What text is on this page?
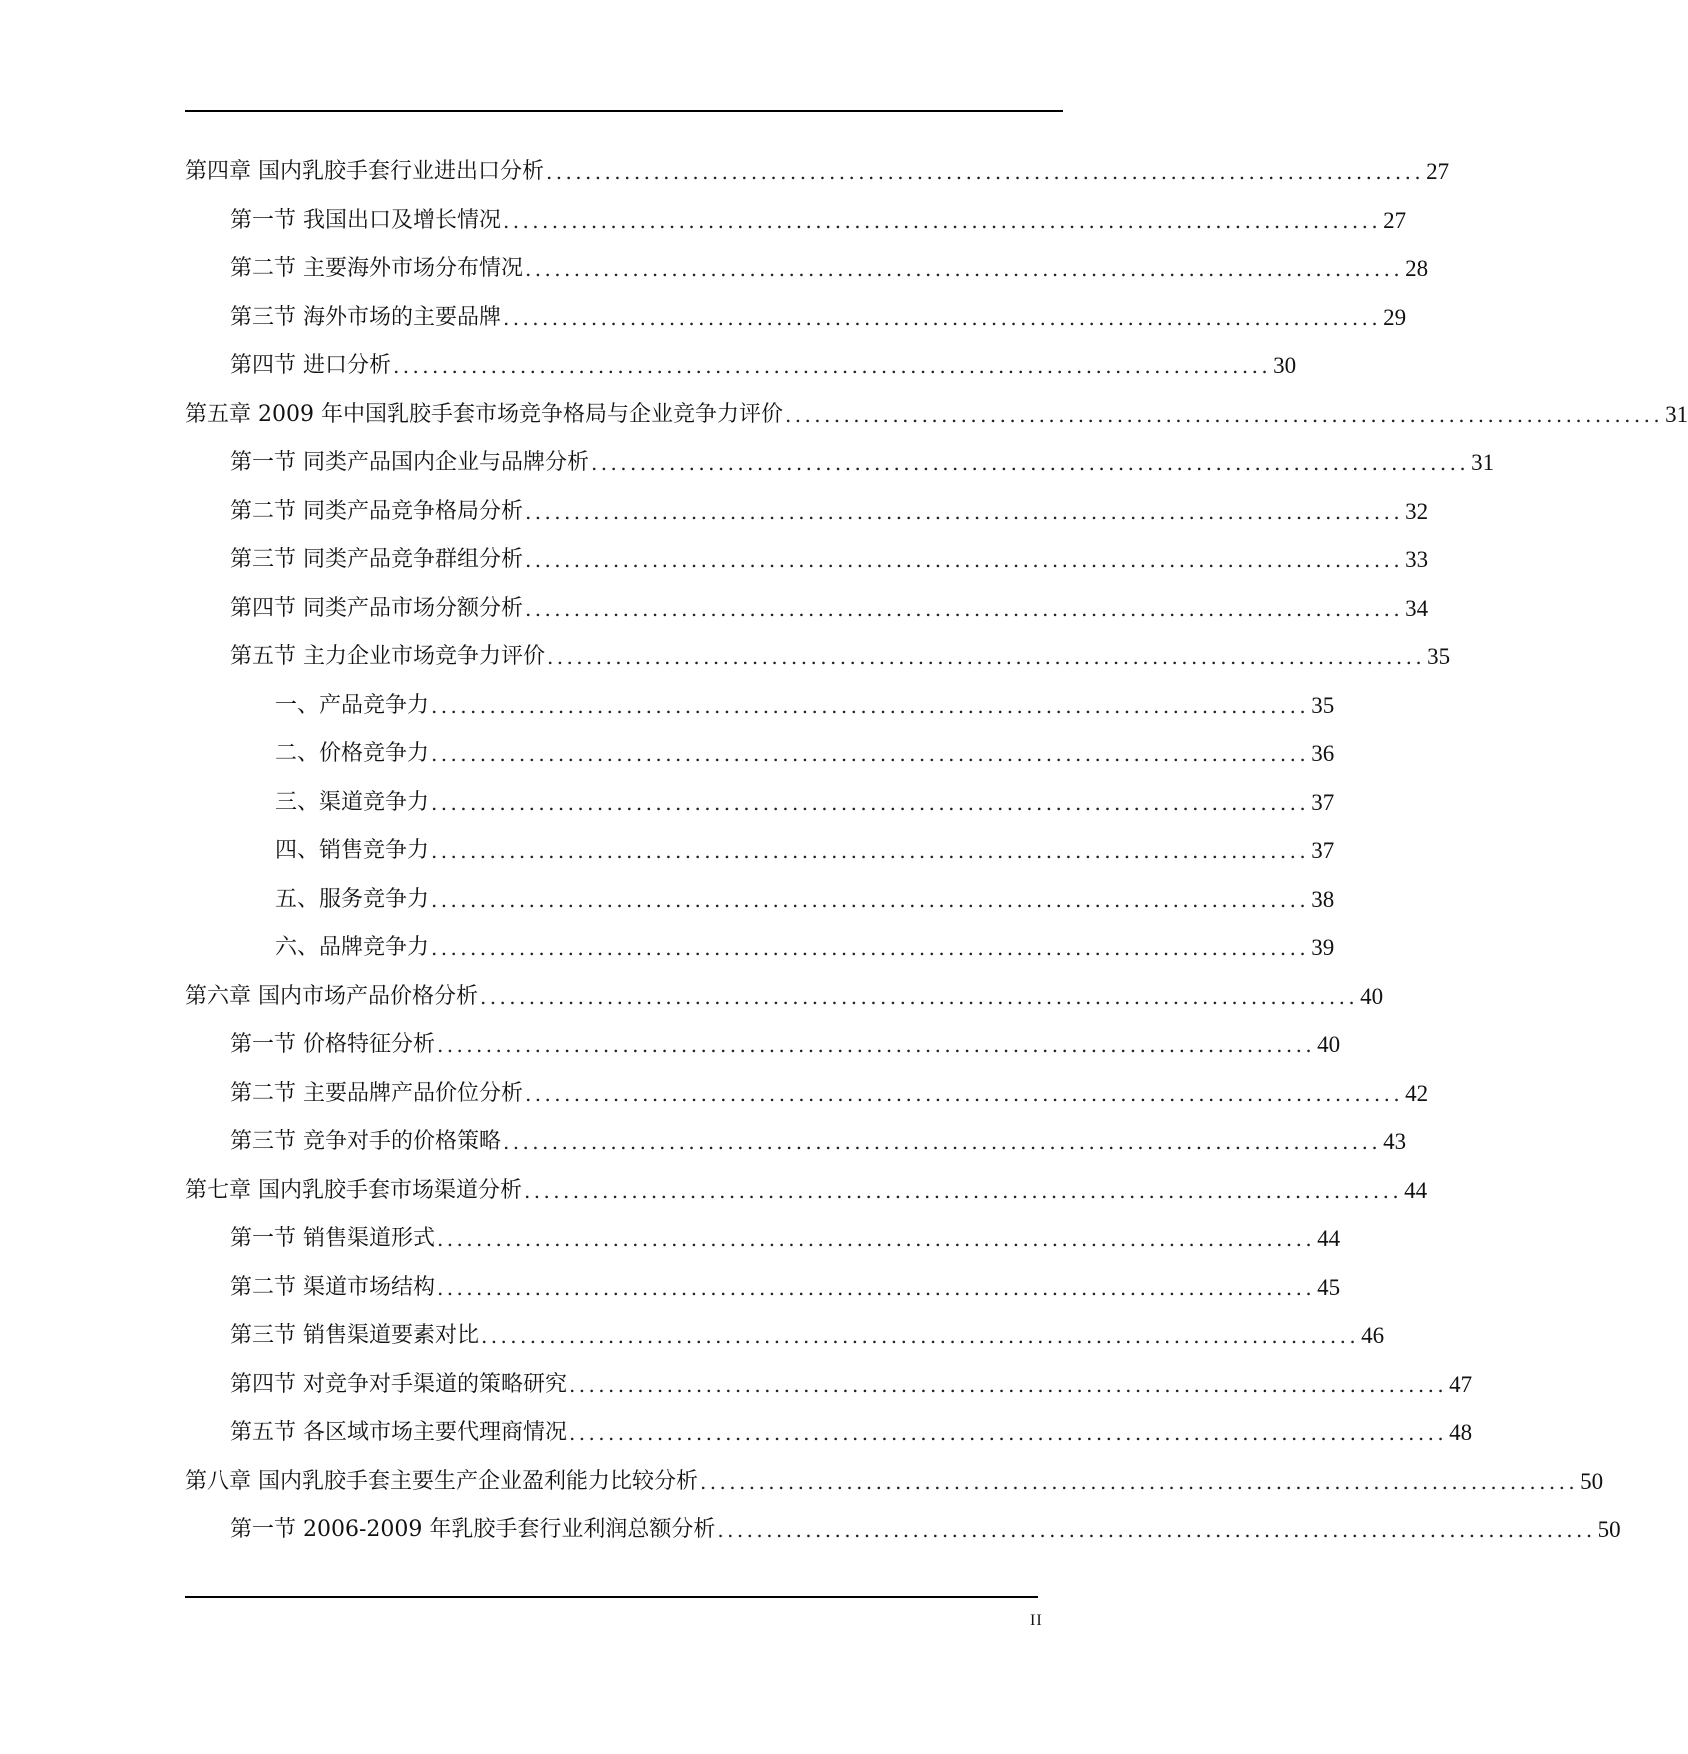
第四章 国内乳胶手套行业进出口分析 .......................................................................................... 27
第一节 我国出口及增长情况 .......................................................................................... 27
第二节 主要海外市场分布情况 .......................................................................................... 28
第三节 海外市场的主要品牌 .......................................................................................... 29
第四节 进口分析 .......................................................................................... 30
第五章 2009 年中国乳胶手套市场竞争格局与企业竞争力评价 .......................................................................................... 31
第一节 同类产品国内企业与品牌分析 .......................................................................................... 31
第二节 同类产品竞争格局分析 .......................................................................................... 32
第三节 同类产品竞争群组分析 .......................................................................................... 33
第四节 同类产品市场分额分析 .......................................................................................... 34
第五节 主力企业市场竞争力评价 .......................................................................................... 35
一、产品竞争力 .......................................................................................... 35
二、价格竞争力 .......................................................................................... 36
三、渠道竞争力 .......................................................................................... 37
四、销售竞争力 .......................................................................................... 37
五、服务竞争力 .......................................................................................... 38
六、品牌竞争力 .......................................................................................... 39
第六章 国内市场产品价格分析 .......................................................................................... 40
第一节 价格特征分析 .......................................................................................... 40
第二节 主要品牌产品价位分析 .......................................................................................... 42
第三节 竞争对手的价格策略 .......................................................................................... 43
第七章 国内乳胶手套市场渠道分析 .......................................................................................... 44
第一节 销售渠道形式 .......................................................................................... 44
第二节 渠道市场结构 .......................................................................................... 45
第三节 销售渠道要素对比 .......................................................................................... 46
第四节 对竞争对手渠道的策略研究 .......................................................................................... 47
第五节 各区域市场主要代理商情况 .......................................................................................... 48
第八章 国内乳胶手套主要生产企业盈利能力比较分析 .......................................................................................... 50
第一节 2006-2009 年乳胶手套行业利润总额分析 .......................................................................................... 50
II
